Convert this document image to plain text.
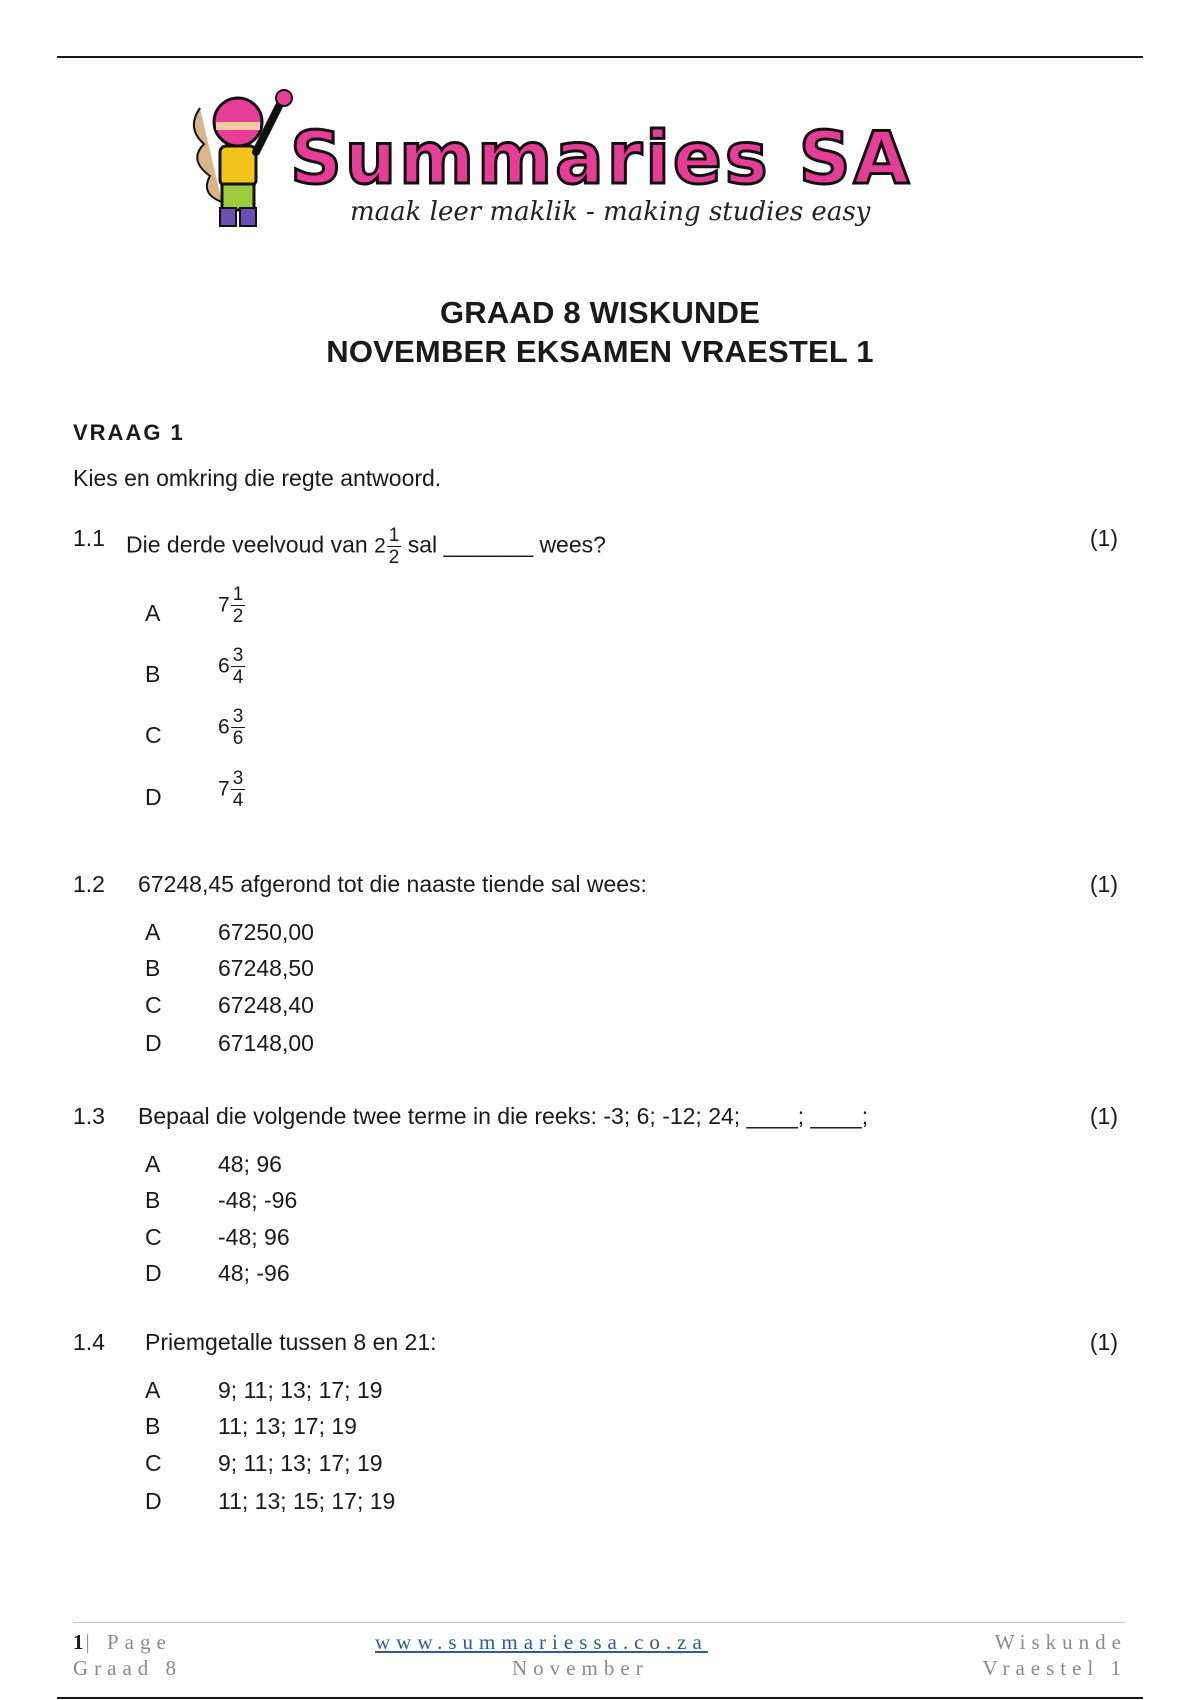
Summaries SA
maak leer maklik - making studies easy
GRAAD 8 WISKUNDE
NOVEMBER EKSAMEN VRAESTEL 1
VRAAG 1
Kies en omkring die regte antwoord.
1.1 Die derde veelvoud van $2 \frac{1}{2}$ sal _______ wees?	(1)
A	$7 \frac{1}{2}$
B	$6 \frac{3}{4}$
C	$6 \frac{3}{6}$
D	$7 \frac{3}{4}$
1.2 67248,45 afgerond tot die naaste tiende sal wees:	(1)
A	67250,00
B	67248,50
C	67248,40
D	67148,00
1.3 Bepaal die volgende twee terme in die reeks: -3; 6; -12; 24; ____; ____;	(1)
A	48; 96
B	-48; -96
C	-48; 96
D	48; -96
1.4 Priemgetalle tussen 8 en 21:	(1)
A	9; 11; 13; 17; 19
B	11; 13; 17; 19
C	9; 11; 13; 17; 19
D	11; 13; 15; 17; 19
1| Page
Graad 8
www.summariessa.co.za
November
Wiskunde
Vraestel 1
